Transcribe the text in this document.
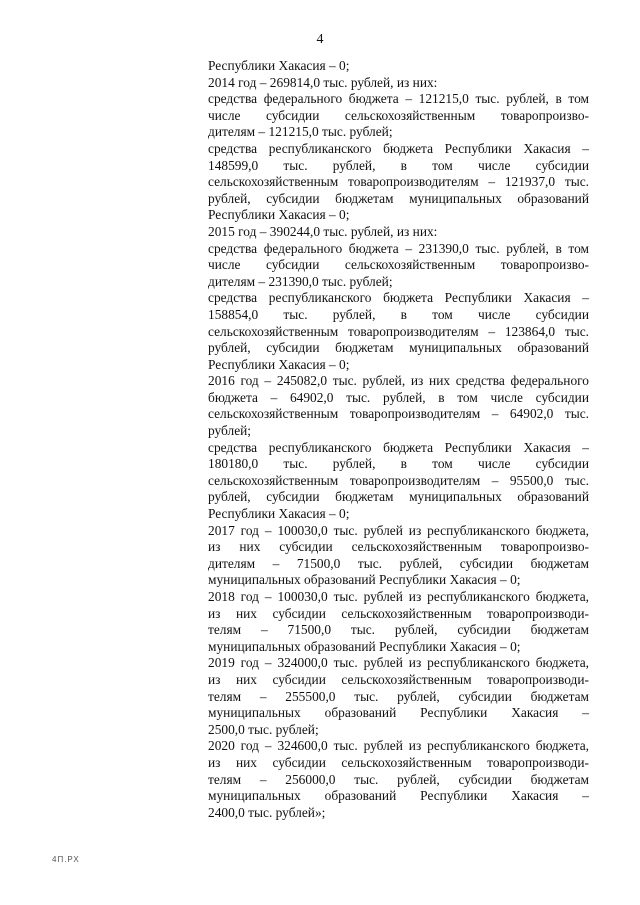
4
Республики Хакасия – 0;
2014 год – 269814,0 тыс. рублей, из них:
средства федерального бюджета – 121215,0 тыс. рублей, в том
числе субсидии сельскохозяйственным товаропроизво-
дителям – 121215,0 тыс. рублей;
средства республиканского бюджета Республики Хакасия –
148599,0 тыс. рублей, в том числе субсидии
сельскохозяйственным товаропроизводителям – 121937,0 тыс.
рублей, субсидии бюджетам муниципальных образований
Республики Хакасия – 0;
2015 год – 390244,0 тыс. рублей, из них:
средства федерального бюджета – 231390,0 тыс. рублей, в том
числе субсидии сельскохозяйственным товаропроизво-
дителям – 231390,0 тыс. рублей;
средства республиканского бюджета Республики Хакасия –
158854,0 тыс. рублей, в том числе субсидии
сельскохозяйственным товаропроизводителям – 123864,0 тыс.
рублей, субсидии бюджетам муниципальных образований
Республики Хакасия – 0;
2016 год – 245082,0 тыс. рублей, из них средства федерального
бюджета – 64902,0 тыс. рублей, в том числе субсидии
сельскохозяйственным товаропроизводителям – 64902,0 тыс.
рублей;
средства республиканского бюджета Республики Хакасия –
180180,0 тыс. рублей, в том числе субсидии
сельскохозяйственным товаропроизводителям – 95500,0 тыс.
рублей, субсидии бюджетам муниципальных образований
Республики Хакасия – 0;
2017 год – 100030,0 тыс. рублей из республиканского бюджета,
из них субсидии сельскохозяйственным товаропроизво-
дителям – 71500,0 тыс. рублей, субсидии бюджетам
муниципальных образований Республики Хакасия – 0;
2018 год – 100030,0 тыс. рублей из республиканского бюджета,
из них субсидии сельскохозяйственным товаропроизводи-
телям – 71500,0 тыс. рублей, субсидии бюджетам
муниципальных образований Республики Хакасия – 0;
2019 год – 324000,0 тыс. рублей из республиканского бюджета,
из них субсидии сельскохозяйственным товаропроизводи-
телям – 255500,0 тыс. рублей, субсидии бюджетам
муниципальных образований Республики Хакасия –
2500,0 тыс. рублей;
2020 год – 324600,0 тыс. рублей из республиканского бюджета,
из них субсидии сельскохозяйственным товаропроизводи-
телям – 256000,0 тыс. рублей, субсидии бюджетам
муниципальных образований Республики Хакасия –
2400,0 тыс. рублей»;
4П.РХ
